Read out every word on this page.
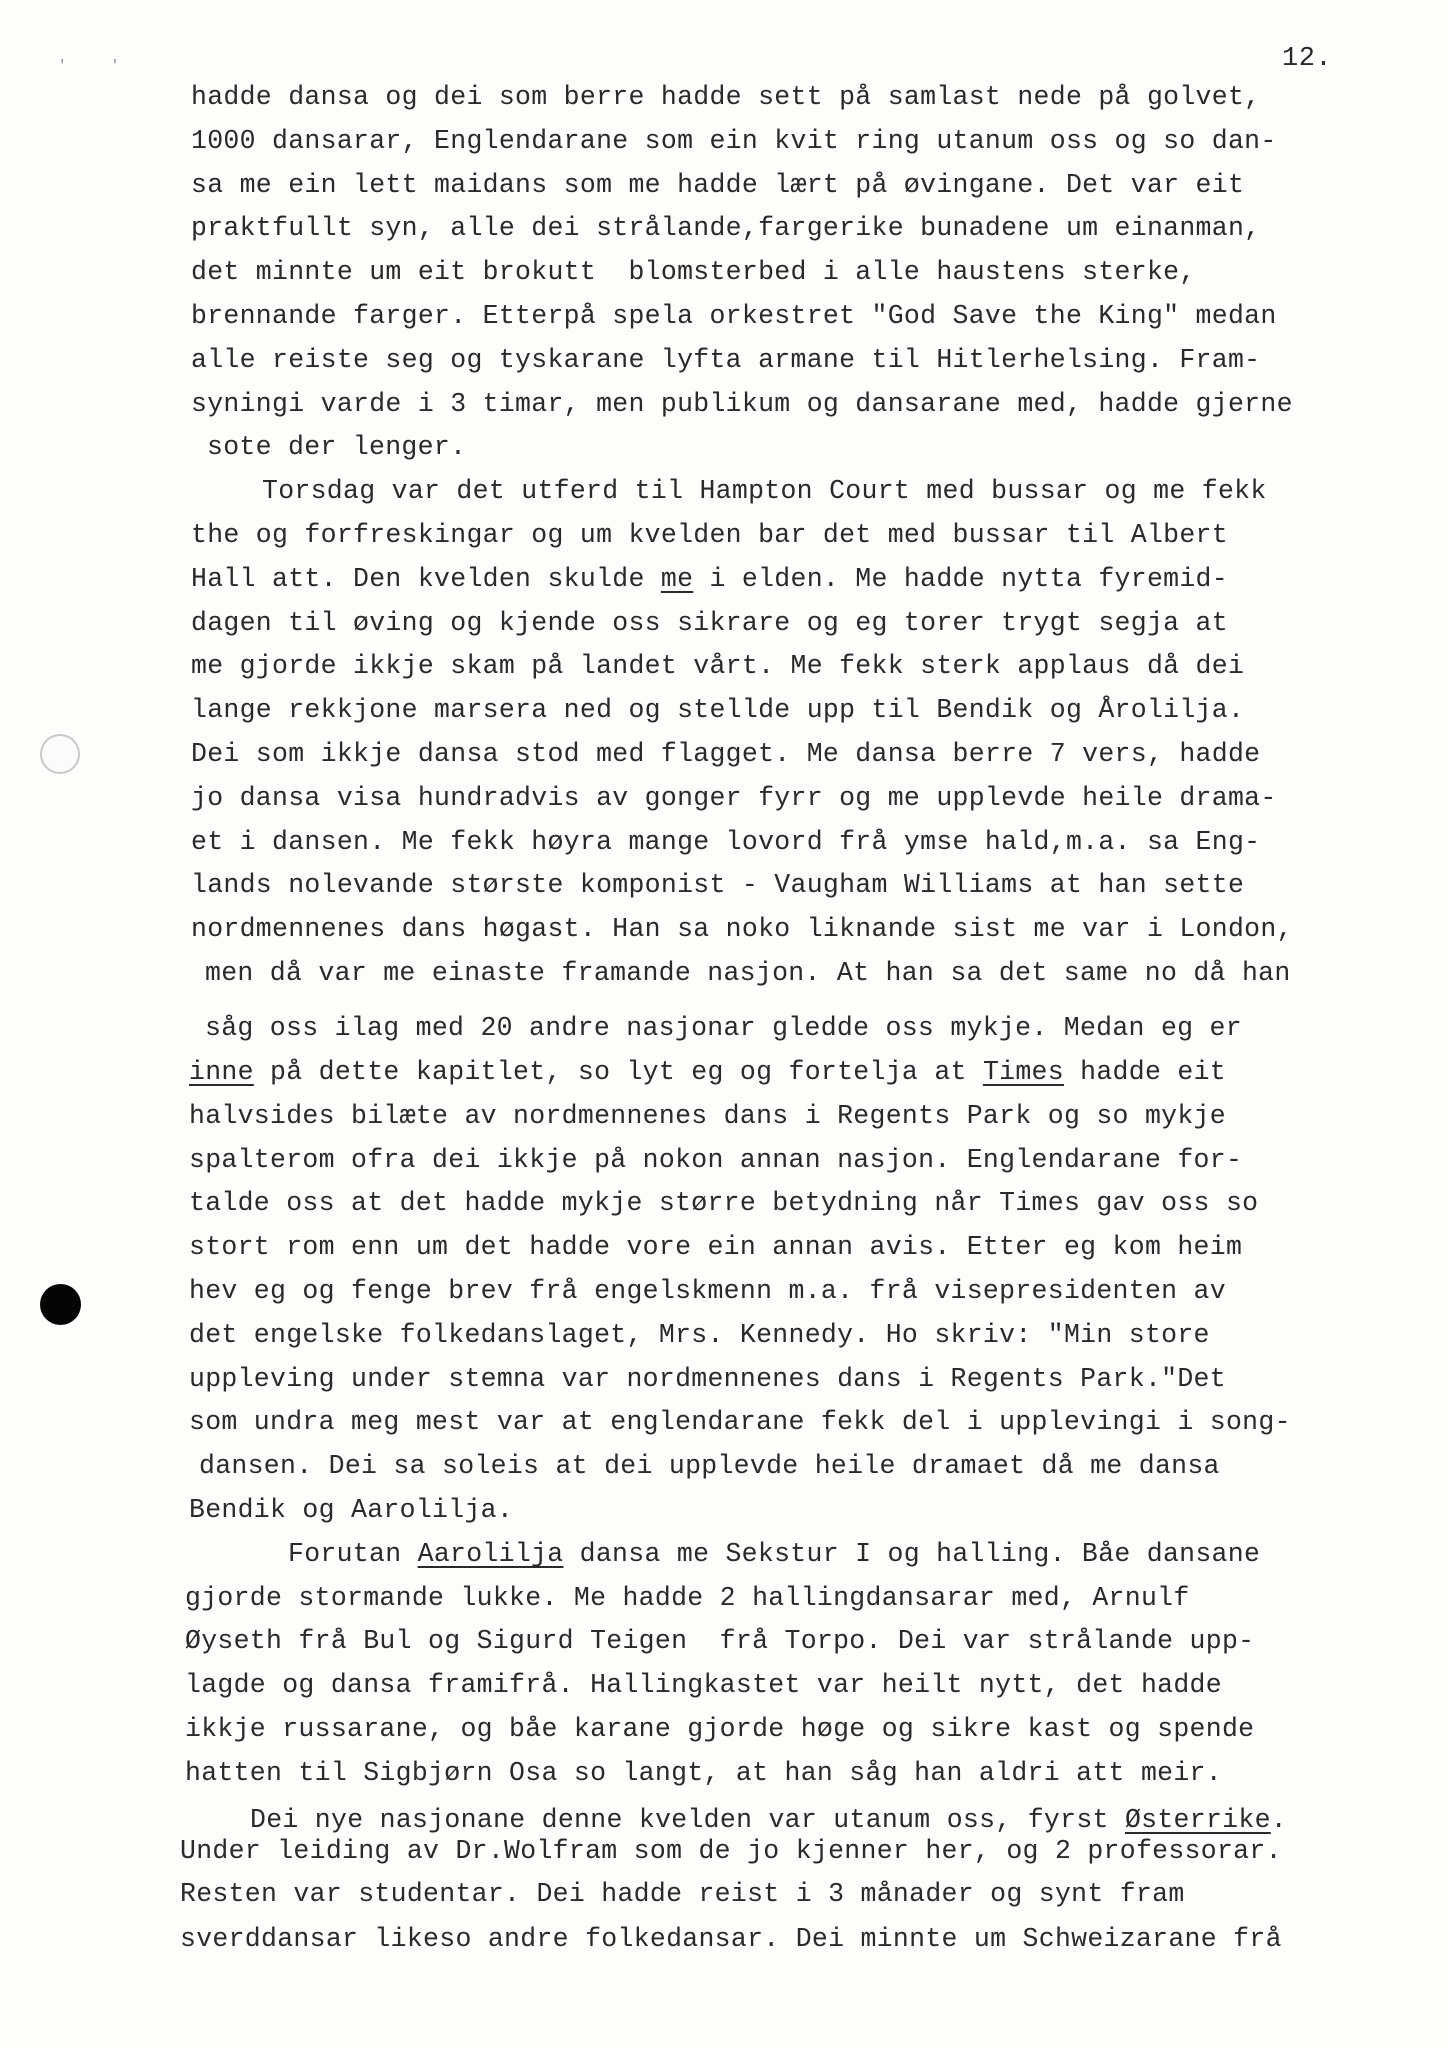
' '	12.
hadde dansa og dei som berre hadde sett på samlast nede på golvet,
1000 dansarar, Englendarane som ein kvit ring utanum oss og so dan-
sa me ein lett maidans som me hadde lært på øvingane. Det var eit
praktfullt syn, alle dei strålande,fargerike bunadene um einanman,
det minnte um eit brokutt  blomsterbed i alle haustens sterke,
brennande farger. Etterpå spela orkestret "God Save the King" medan
alle reiste seg og tyskarane lyfta armane til Hitlerhelsing. Fram-
syningi varde i 3 timar, men publikum og dansarane med, hadde gjerne
sote der lenger.
Torsdag var det utferd til Hampton Court med bussar og me fekk
the og forfreskingar og um kvelden bar det med bussar til Albert
Hall att. Den kvelden skulde me i elden. Me hadde nytta fyremid-
dagen til øving og kjende oss sikrare og eg torer trygt segja at
me gjorde ikkje skam på landet vårt. Me fekk sterk applaus då dei
lange rekkjone marsera ned og stellde upp til Bendik og Årolilja.
Dei som ikkje dansa stod med flagget. Me dansa berre 7 vers, hadde
jo dansa visa hundradvis av gonger fyrr og me upplevde heile drama-
et i dansen. Me fekk høyra mange lovord frå ymse hald,m.a. sa Eng-
lands nolevande største komponist - Vaugham Williams at han sette
nordmennenes dans høgast. Han sa noko liknande sist me var i London,
men då var me einaste framande nasjon. At han sa det same no då han
såg oss ilag med 20 andre nasjonar gledde oss mykje. Medan eg er
inne på dette kapitlet, so lyt eg og fortelja at Times hadde eit
halvsides bilæte av nordmennenes dans i Regents Park og so mykje
spalterom ofra dei ikkje på nokon annan nasjon. Englendarane for-
talde oss at det hadde mykje større betydning når Times gav oss so
stort rom enn um det hadde vore ein annan avis. Etter eg kom heim
hev eg og fenge brev frå engelskmenn m.a. frå visepresidenten av
det engelske folkedanslaget, Mrs. Kennedy. Ho skriv: "Min store
uppleving under stemna var nordmennenes dans i Regents Park."Det
som undra meg mest var at englendarane fekk del i upplevingi i song-
dansen. Dei sa soleis at dei upplevde heile dramaet då me dansa
Bendik og Aarolilja.
Forutan Aarolilja dansa me Sekstur I og halling. Båe dansane
gjorde stormande lukke. Me hadde 2 hallingdansarar med, Arnulf
Øyseth frå Bul og Sigurd Teigen  frå Torpo. Dei var strålande upp-
lagde og dansa framifrå. Hallingkastet var heilt nytt, det hadde
ikkje russarane, og båe karane gjorde høge og sikre kast og spende
hatten til Sigbjørn Osa so langt, at han såg han aldri att meir.
Dei nye nasjonane denne kvelden var utanum oss, fyrst Østerrike.
Under leiding av Dr.Wolfram som de jo kjenner her, og 2 professorar.
Resten var studentar. Dei hadde reist i 3 månader og synt fram
sverddansar likeso andre folkedansar. Dei minnte um Schweizarane frå
